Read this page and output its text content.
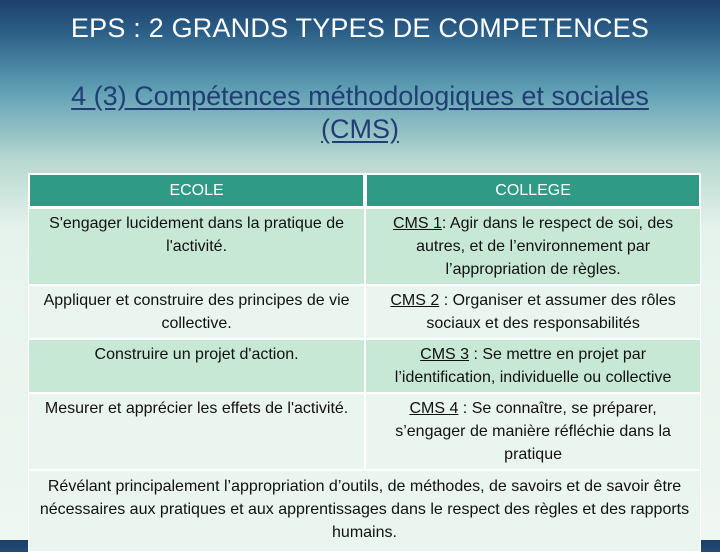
EPS : 2 GRANDS TYPES DE COMPETENCES
4 (3) Compétences méthodologiques et sociales (CMS)
ECOLE	COLLEGE
S'engager lucidement dans la pratique de l'activité.	CMS 1: Agir dans le respect de soi, des autres, et de l’environnement par l’appropriation de règles.
Appliquer et construire des principes de vie collective.	CMS 2 : Organiser et assumer des rôles sociaux et des responsabilités
Construire un projet d'action.	CMS 3 : Se mettre en projet par l’identification, individuelle ou collective
Mesurer et apprécier les effets de l'activité.	CMS 4 : Se connaître, se préparer, s’engager de manière réfléchie dans la pratique
Révélant principalement l’appropriation d’outils, de méthodes, de savoirs et de savoir être nécessaires aux pratiques et aux apprentissages dans le respect des règles et des rapports humains.	
